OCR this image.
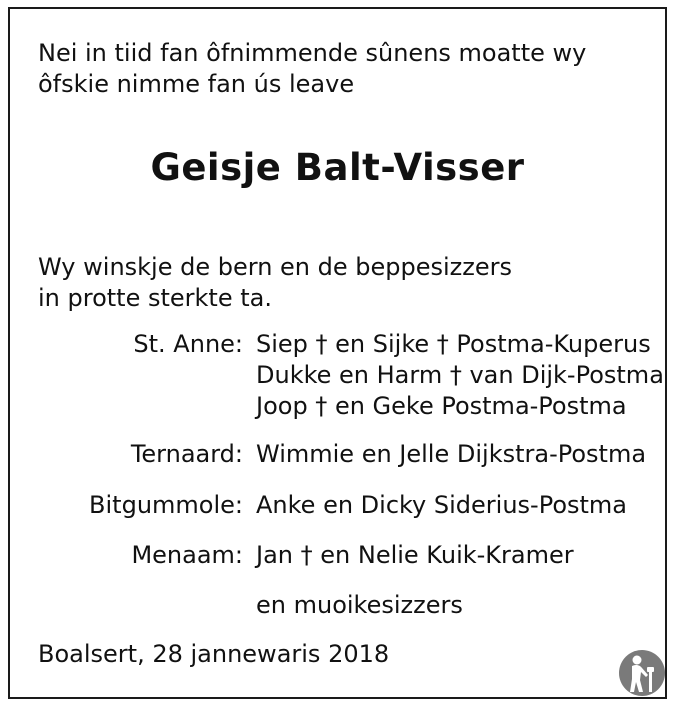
Nei in tiid fan ôfnimmende sûnens moatte wy
ôfskie nimme fan ús leave
Geisje Balt-Visser
Wy winskje de bern en de beppesizzers
in protte sterkte ta.
St. Anne: Siep † en Sijke † Postma-Kuperus
Dukke en Harm † van Dijk-Postma
Joop † en Geke Postma-Postma
Ternaard: Wimmie en Jelle Dijkstra-Postma
Bitgummole: Anke en Dicky Siderius-Postma
Menaam: Jan † en Nelie Kuik-Kramer
en muoikesizzers
Boalsert, 28 jannewaris 2018
